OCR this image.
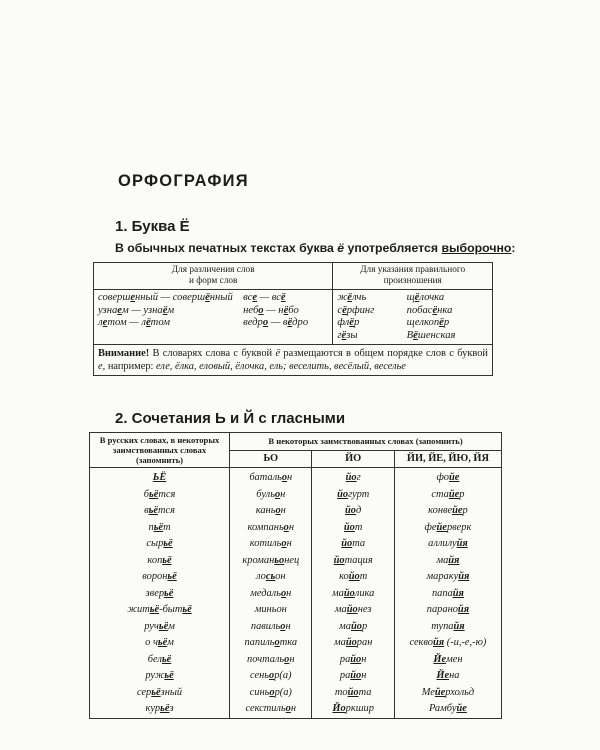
ОРФОГРАФИЯ
1. Буква Ё

В обычных печатных текстах буква ё употребляется выборочно:

Для различения слов
и форм слов	Для указания правильного
произношения

совершенный — совершённый	все — всё
узнаем — узнаём	небо — нёбо
летом — лётом	ведро — вёдро

жёлчь	щёлочка
сёрфинг	побасёнка
флёр	щелкопёр
гёзы	Вёшенская

Внимание! В словарях слова с буквой ё размещаются в общем порядке слов с буквой е, например: еле, ёлка, еловый, ёлочка, ель; веселить, весёлый, веселье
2. Сочетания Ь и Й с гласными
В русских словах, в некоторых заимствованных словах (запомнить)	В некоторых заимствованных словах (запомнить)		
	ЬО	ЙО	ЙИ, ЙЕ, ЙЮ, ЙЯ
ЬЁ	батальон	йог	фойе
бьётся	бульон	йогурт	стайер
вьётся	каньон	йод	конвейер
пьёт	компаньон	йот	фейерверк
сырьё	котильон	йота	аллилуйя
копьё	кроманьонец	йотация	майя
вороньё	лосьон	койот	маракуйя
зверьё	медальон	майолика	папайя
житьё-бытьё	миньон	майонез	паранойя
ручьём	павильон	майор	тупайя
о чьём	папильотка	майоран	секвойя (-и,-е,-ю)
бельё	почтальон	район	Йемен
ружьё	сеньор(а)	район	Йена
серьёзный	синьор(а)	тойота	Мейерхольд
курьёз	секстильон	Йоркшир	Рамбуйе
